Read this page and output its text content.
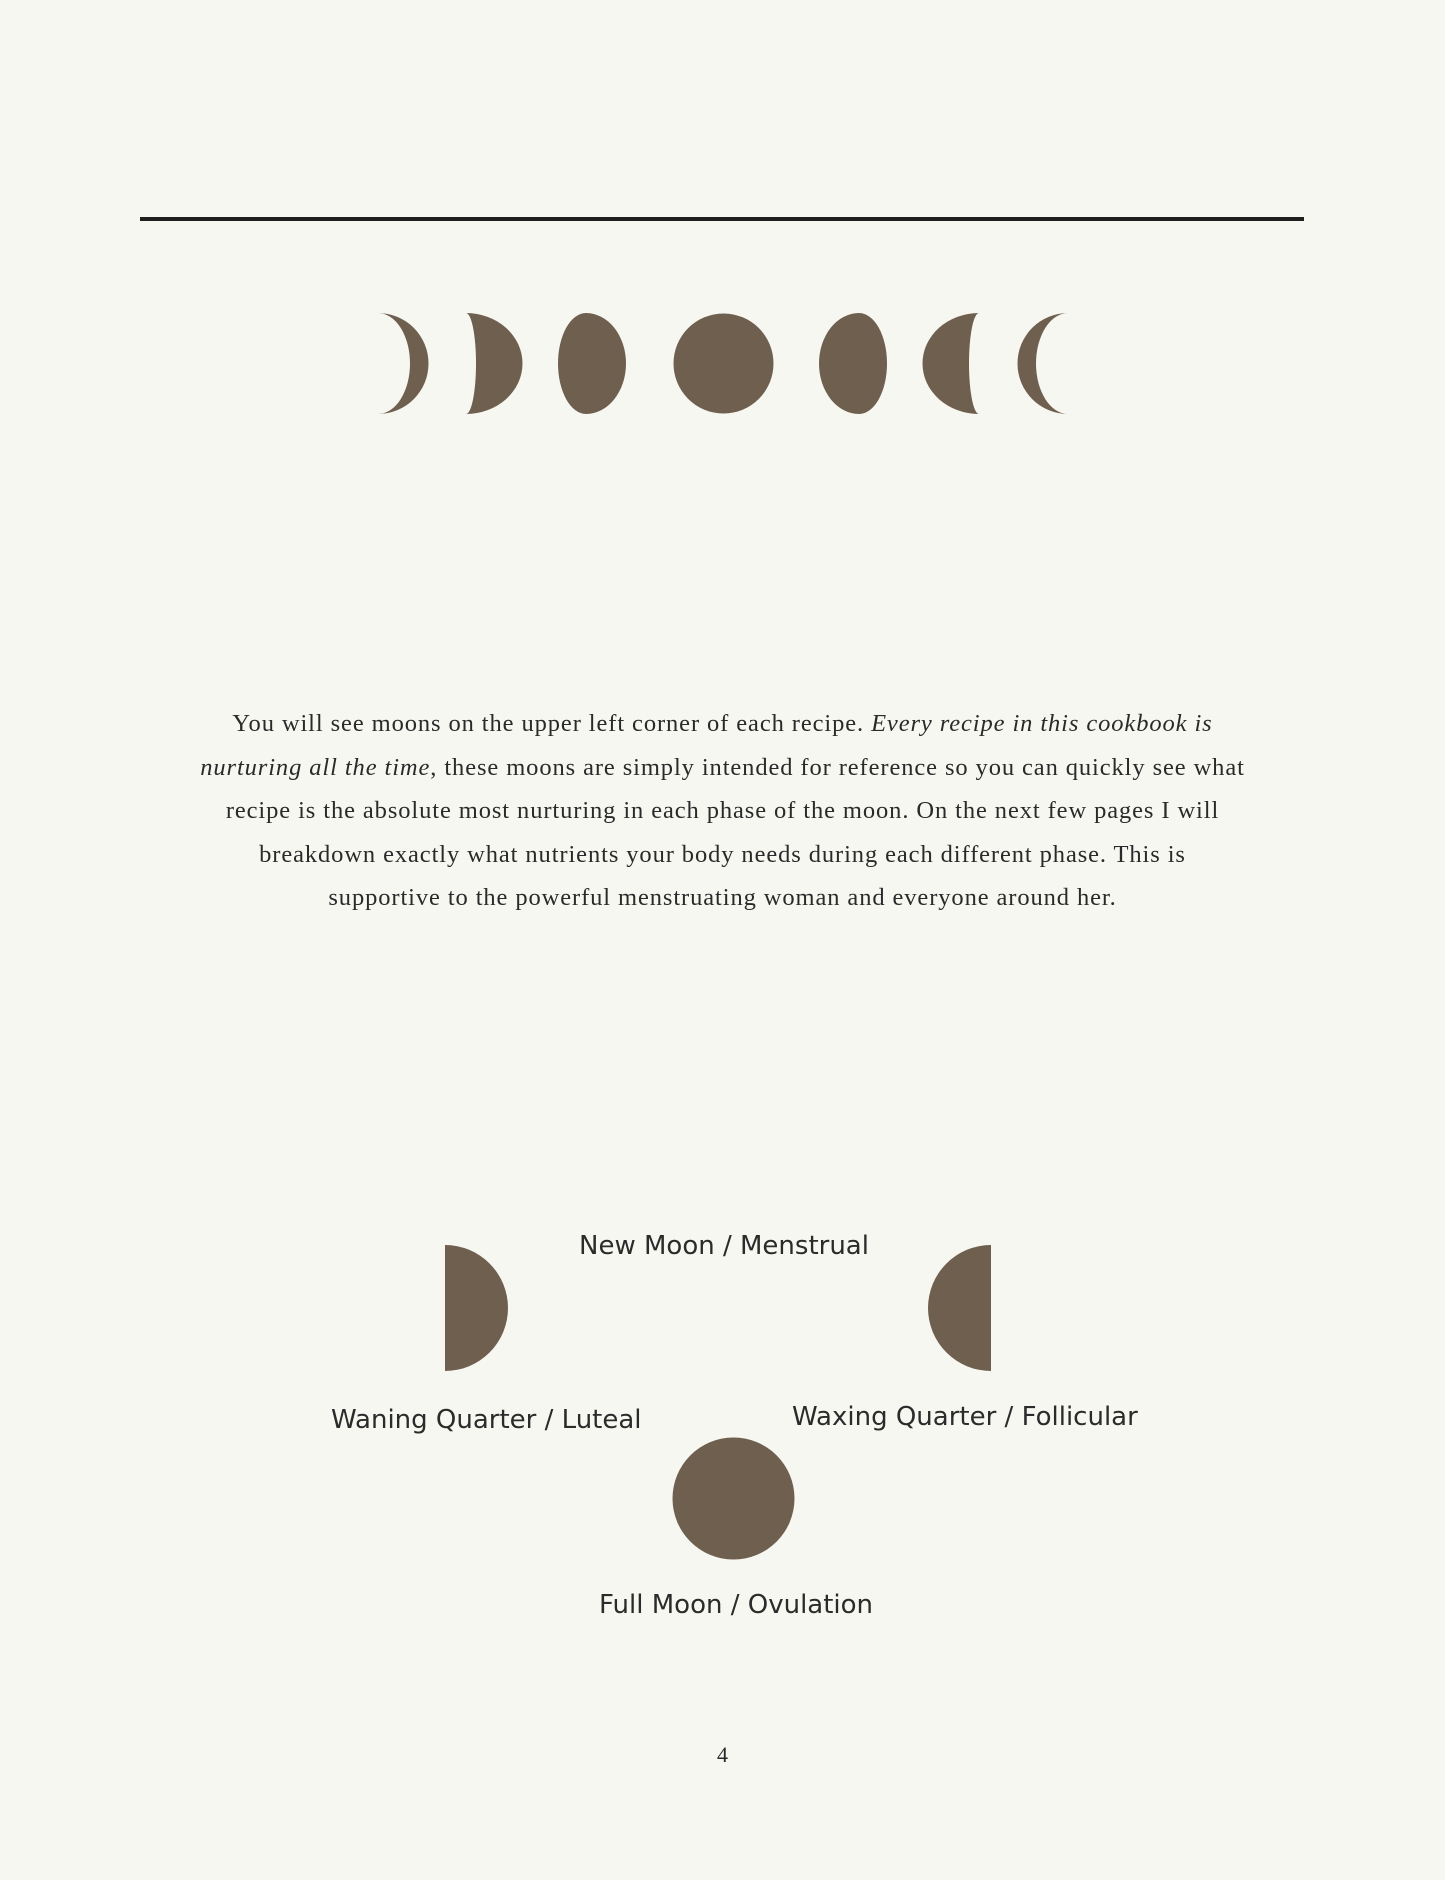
You will see moons on the upper left corner of each recipe. Every recipe in this cookbook is nurturing all the time, these moons are simply intended for reference so you can quickly see what recipe is the absolute most nurturing in each phase of the moon. On the next few pages I will breakdown exactly what nutrients your body needs during each different phase. This is supportive to the powerful menstruating woman and everyone around her.

New Moon / Menstrual
Waning Quarter / Luteal	Waxing Quarter / Follicular
Full Moon / Ovulation
4
